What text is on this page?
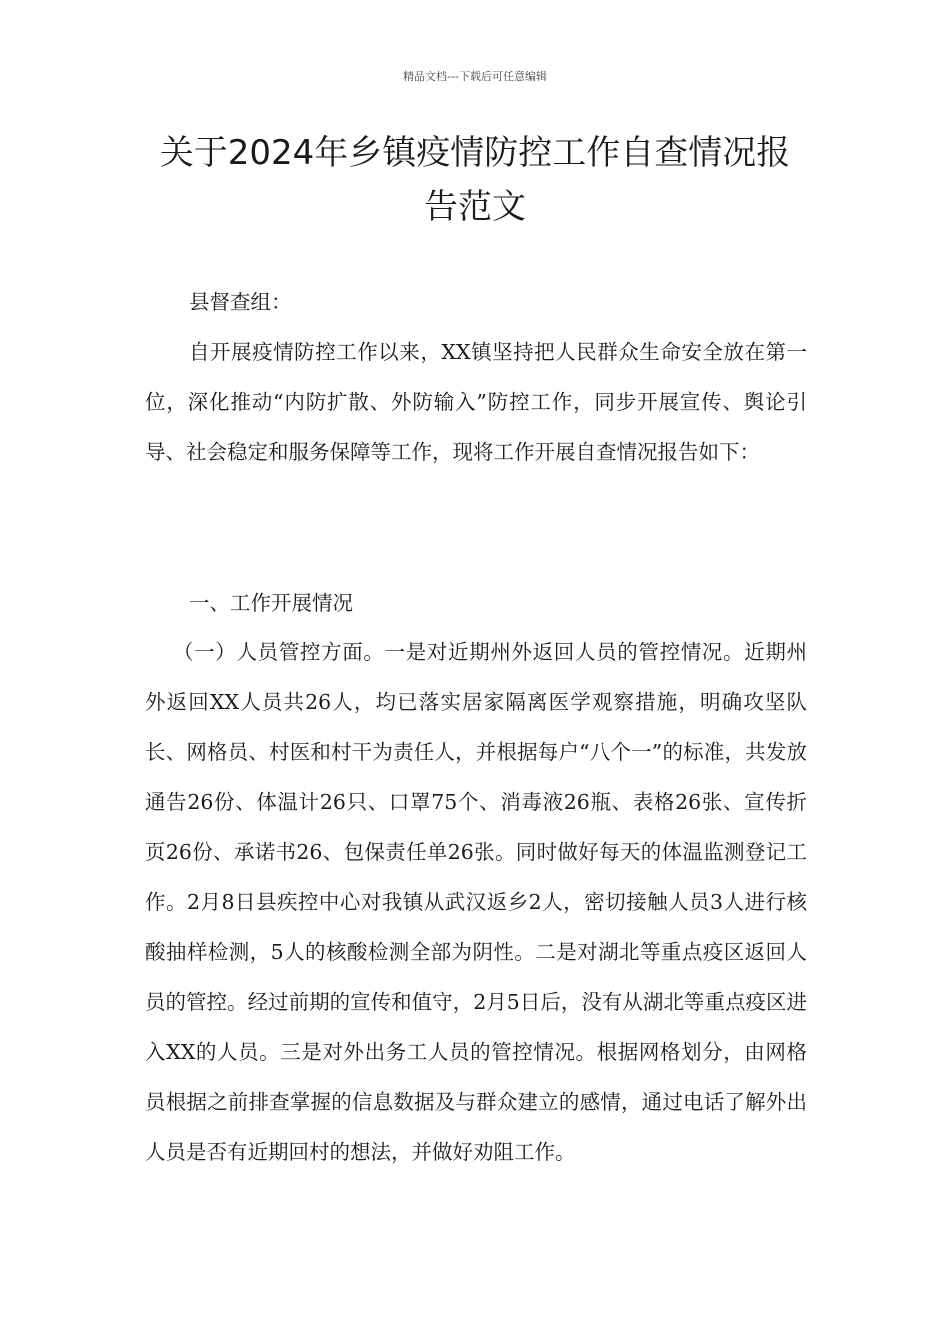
精品文档---下载后可任意编辑
关于2024年乡镇疫情防控工作自查情况报告范文

县督查组：

自开展疫情防控工作以来，XX镇坚持把人民群众生命安全放在第一位，深化推动“内防扩散、外防输入”防控工作，同步开展宣传、舆论引导、社会稳定和服务保障等工作，现将工作开展自查情况报告如下：

一、工作开展情况

（一）人员管控方面。一是对近期州外返回人员的管控情况。近期州外返回XX人员共26人，均已落实居家隔离医学观察措施，明确攻坚队长、网格员、村医和村干为责任人，并根据每户“八个一”的标准，共发放通告26份、体温计26只、口罩75个、消毒液26瓶、表格26张、宣传折页26份、承诺书26、包保责任单26张。同时做好每天的体温监测登记工作。2月8日县疾控中心对我镇从武汉返乡2人，密切接触人员3人进行核酸抽样检测，5人的核酸检测全部为阴性。二是对湖北等重点疫区返回人员的管控。经过前期的宣传和值守，2月5日后，没有从湖北等重点疫区进入XX的人员。三是对外出务工人员的管控情况。根据网格划分，由网格员根据之前排查掌握的信息数据及与群众建立的感情，通过电话了解外出人员是否有近期回村的想法，并做好劝阻工作。
